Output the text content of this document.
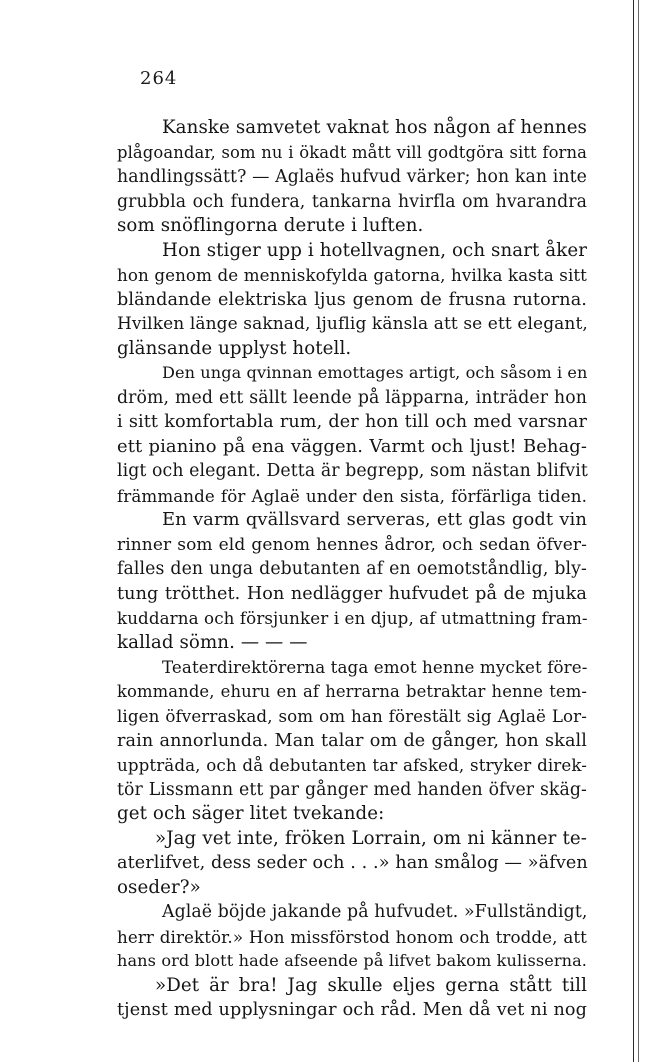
264

Kanske samvetet vaknat hos någon af hennes
plågoandar, som nu i ökadt mått vill godtgöra sitt forna
handlingssätt? — Aglaës hufvud värker; hon kan inte
grubbla och fundera, tankarna hvirfla om hvarandra
som snöflingorna derute i luften.
Hon stiger upp i hotellvagnen, och snart åker
hon genom de menniskofylda gatorna, hvilka kasta sitt
bländande elektriska ljus genom de frusna rutorna.
Hvilken länge saknad, ljuflig känsla att se ett elegant,
glänsande upplyst hotell.
Den unga qvinnan emottages artigt, och såsom i en
dröm, med ett sällt leende på läpparna, inträder hon
i sitt komfortabla rum, der hon till och med varsnar
ett pianino på ena väggen. Varmt och ljust! Behag-
ligt och elegant. Detta är begrepp, som nästan blifvit
främmande för Aglaë under den sista, förfärliga tiden.
En varm qvällsvard serveras, ett glas godt vin
rinner som eld genom hennes ådror, och sedan öfver-
falles den unga debutanten af en oemotståndlig, bly-
tung trötthet. Hon nedlägger hufvudet på de mjuka
kuddarna och försjunker i en djup, af utmattning fram-
kallad sömn. — — —
Teaterdirektörerna taga emot henne mycket före-
kommande, ehuru en af herrarna betraktar henne tem-
ligen öfverraskad, som om han förestält sig Aglaë Lor-
rain annorlunda. Man talar om de gånger, hon skall
uppträda, och då debutanten tar afsked, stryker direk-
tör Lissmann ett par gånger med handen öfver skäg-
get och säger litet tvekande:
»Jag vet inte, fröken Lorrain, om ni känner te-
aterlifvet, dess seder och . . .» han smålog — »äfven
oseder?»
Aglaë böjde jakande på hufvudet. »Fullständigt,
herr direktör.» Hon missförstod honom och trodde, att
hans ord blott hade afseende på lifvet bakom kulisserna.
»Det är bra! Jag skulle eljes gerna stått till
tjenst med upplysningar och råd. Men då vet ni nog
